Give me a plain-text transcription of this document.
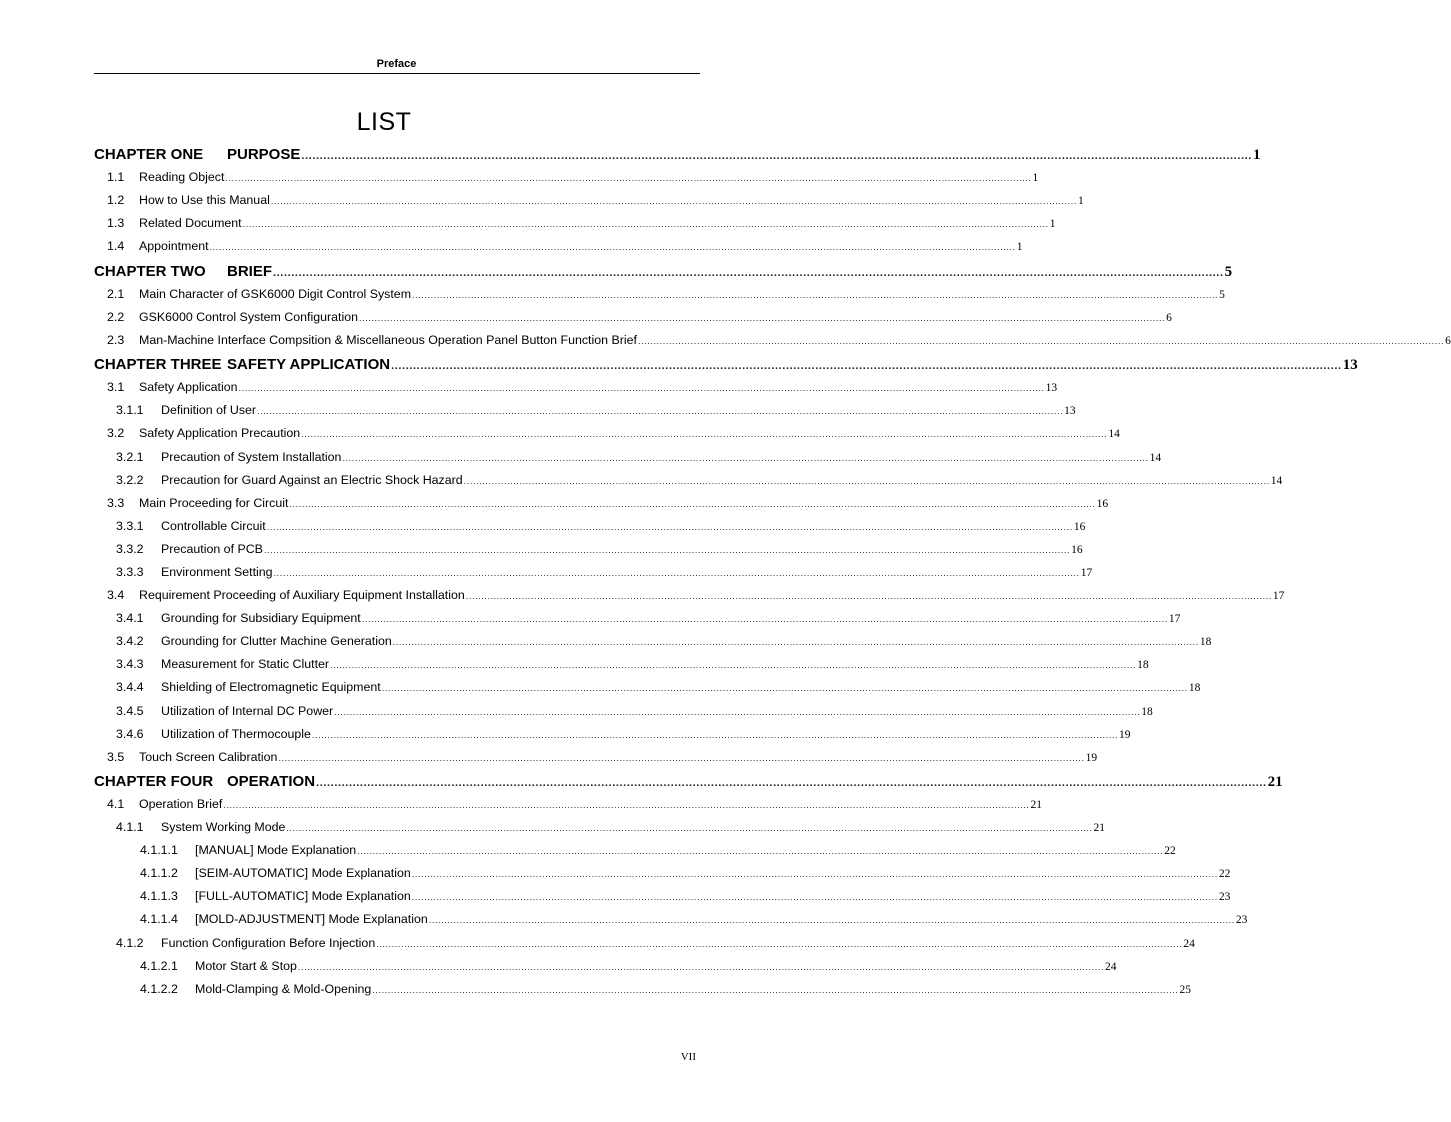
Preface
LIST
CHAPTER ONE	PURPOSE .................................................................................................................................................................................................................................................................... 1
1.1	Reading Object .................................................................................................................................................................................................................................................................... 1
1.2	How to Use this Manual .................................................................................................................................................................................................................................................................... 1
1.3	Related Document .................................................................................................................................................................................................................................................................... 1
1.4	Appointment .................................................................................................................................................................................................................................................................... 1
CHAPTER TWO	BRIEF .................................................................................................................................................................................................................................................................... 5
2.1	Main Character of GSK6000 Digit Control System .................................................................................................................................................................................................................................................................... 5
2.2	GSK6000 Control System Configuration .................................................................................................................................................................................................................................................................... 6
2.3	Man-Machine Interface Compsition & Miscellaneous Operation Panel Button Function Brief .................................................................................................................................................................................................................................................................... 6
CHAPTER THREE SAFETY APPLICATION .................................................................................................................................................................................................................................................................... 13
3.1	Safety Application .................................................................................................................................................................................................................................................................... 13
3.1.1	Definition of User .................................................................................................................................................................................................................................................................... 13
3.2	Safety Application Precaution .................................................................................................................................................................................................................................................................... 14
3.2.1	Precaution of System Installation .................................................................................................................................................................................................................................................................... 14
3.2.2	Precaution for Guard Against an Electric Shock Hazard .................................................................................................................................................................................................................................................................... 14
3.3	Main Proceeding for Circuit .................................................................................................................................................................................................................................................................... 16
3.3.1	Controllable Circuit .................................................................................................................................................................................................................................................................... 16
3.3.2	Precaution of PCB .................................................................................................................................................................................................................................................................... 16
3.3.3	Environment Setting .................................................................................................................................................................................................................................................................... 17
3.4	Requirement Proceeding of Auxiliary Equipment Installation .................................................................................................................................................................................................................................................................... 17
3.4.1	Grounding for Subsidiary Equipment .................................................................................................................................................................................................................................................................... 17
3.4.2	Grounding for Clutter Machine Generation .................................................................................................................................................................................................................................................................... 18
3.4.3	Measurement for Static Clutter .................................................................................................................................................................................................................................................................... 18
3.4.4	Shielding of Electromagnetic Equipment .................................................................................................................................................................................................................................................................... 18
3.4.5	Utilization of Internal DC Power .................................................................................................................................................................................................................................................................... 18
3.4.6	Utilization of Thermocouple .................................................................................................................................................................................................................................................................... 19
3.5	Touch Screen Calibration .................................................................................................................................................................................................................................................................... 19
CHAPTER FOUR OPERATION .................................................................................................................................................................................................................................................................... 21
4.1	Operation Brief .................................................................................................................................................................................................................................................................... 21
4.1.1	System Working Mode .................................................................................................................................................................................................................................................................... 21
4.1.1.1	[MANUAL] Mode Explanation .................................................................................................................................................................................................................................................................... 22
4.1.1.2	[SEIM-AUTOMATIC] Mode Explanation .................................................................................................................................................................................................................................................................... 22
4.1.1.3	[FULL-AUTOMATIC] Mode Explanation .................................................................................................................................................................................................................................................................... 23
4.1.1.4	[MOLD-ADJUSTMENT] Mode Explanation .................................................................................................................................................................................................................................................................... 23
4.1.2	Function Configuration Before Injection .................................................................................................................................................................................................................................................................... 24
4.1.2.1	Motor Start & Stop .................................................................................................................................................................................................................................................................... 24
4.1.2.2	Mold-Clamping & Mold-Opening .................................................................................................................................................................................................................................................................... 25
VII
